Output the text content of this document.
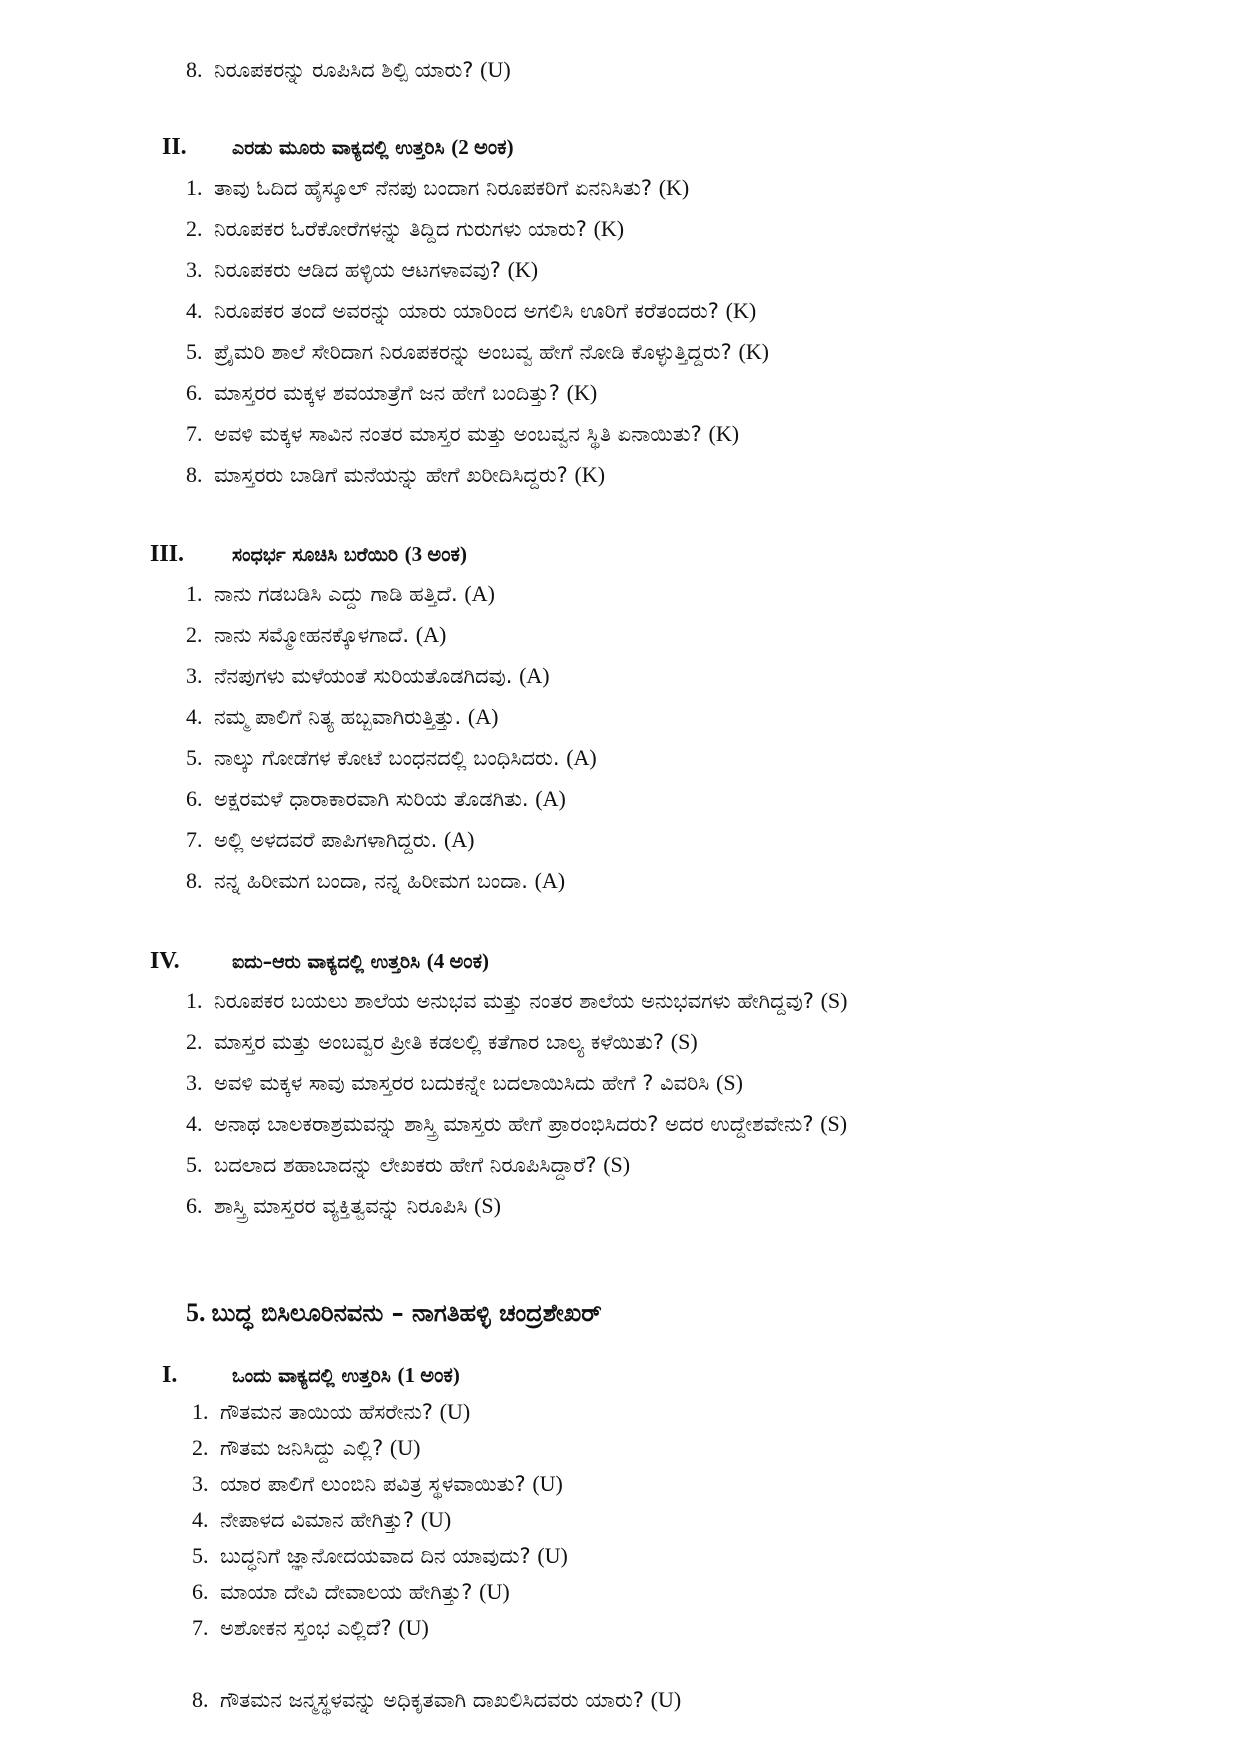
8. ನಿರೂಪಕರನ್ನು ರೂಪಿಸಿದ ಶಿಲ್ಪಿ ಯಾರು? (U)
II. ಎರಡು ಮೂರು ವಾಕ್ಯದಲ್ಲಿ ಉತ್ತರಿಸಿ (2 ಅಂಕ)
1. ತಾವು ಓದಿದ ಹೈಸ್ಕೂಲ್ ನೆನಪು ಬಂದಾಗ ನಿರೂಪಕರಿಗೆ ಏನನಿಸಿತು? (K)
2. ನಿರೂಪಕರ ಓರೆಕೋರೆಗಳನ್ನು ತಿದ್ದಿದ ಗುರುಗಳು ಯಾರು? (K)
3. ನಿರೂಪಕರು ಆಡಿದ ಹಳ್ಳಿಯ ಆಟಗಳಾವವು? (K)
4. ನಿರೂಪಕರ ತಂದೆ ಅವರನ್ನು ಯಾರು ಯಾರಿಂದ ಅಗಲಿಸಿ ಊರಿಗೆ ಕರೆತಂದರು? (K)
5. ಪ್ರೈಮರಿ ಶಾಲೆ ಸೇರಿದಾಗ ನಿರೂಪಕರನ್ನು ಅಂಬವ್ವ ಹೇಗೆ ನೋಡಿ ಕೊಳ್ಳುತ್ತಿದ್ದರು? (K)
6. ಮಾಸ್ತರರ ಮಕ್ಕಳ ಶವಯಾತ್ರೆಗೆ ಜನ ಹೇಗೆ ಬಂದಿತ್ತು? (K)
7. ಅವಳಿ ಮಕ್ಕಳ ಸಾವಿನ ನಂತರ ಮಾಸ್ತರ ಮತ್ತು ಅಂಬವ್ವನ ಸ್ಥಿತಿ ಏನಾಯಿತು? (K)
8. ಮಾಸ್ತರರು ಬಾಡಿಗೆ ಮನೆಯನ್ನು ಹೇಗೆ ಖರೀದಿಸಿದ್ದರು? (K)
III.	ಸಂಧರ್ಭ ಸೂಚಿಸಿ ಬರೆಯಿರಿ (3 ಅಂಕ)
1. ನಾನು ಗಡಬಡಿಸಿ ಎದ್ದು ಗಾಡಿ ಹತ್ತಿದೆ. (A)
2. ನಾನು ಸಮ್ಮೋಹನಕ್ಕೊಳಗಾದೆ. (A)
3. ನೆನಪುಗಳು ಮಳೆಯಂತೆ ಸುರಿಯತೊಡಗಿದವು. (A)
4. ನಮ್ಮ ಪಾಲಿಗೆ ನಿತ್ಯ ಹಬ್ಬವಾಗಿರುತ್ತಿತ್ತು. (A)
5. ನಾಲ್ಕು ಗೋಡೆಗಳ ಕೋಟೆ ಬಂಧನದಲ್ಲಿ ಬಂಧಿಸಿದರು. (A)
6. ಅಕ್ಷರಮಳೆ ಧಾರಾಕಾರವಾಗಿ ಸುರಿಯ ತೊಡಗಿತು. (A)
7. ಅಲ್ಲಿ ಅಳದವರೆ ಪಾಪಿಗಳಾಗಿದ್ದರು. (A)
8. ನನ್ನ ಹಿರೀಮಗ ಬಂದಾ, ನನ್ನ ಹಿರೀಮಗ ಬಂದಾ. (A)
IV.	ಐದು–ಆರು ವಾಕ್ಯದಲ್ಲಿ ಉತ್ತರಿಸಿ (4 ಅಂಕ)
1. ನಿರೂಪಕರ ಬಯಲು ಶಾಲೆಯ ಅನುಭವ ಮತ್ತು ನಂತರ ಶಾಲೆಯ ಅನುಭವಗಳು ಹೇಗಿದ್ದವು? (S)
2. ಮಾಸ್ತರ ಮತ್ತು ಅಂಬವ್ವರ ಪ್ರೀತಿ ಕಡಲಲ್ಲಿ ಕತೆಗಾರ ಬಾಲ್ಯ ಕಳೆಯಿತು? (S)
3. ಅವಳಿ ಮಕ್ಕಳ ಸಾವು ಮಾಸ್ತರರ ಬದುಕನ್ನೇ ಬದಲಾಯಿಸಿದು ಹೇಗೆ ? ವಿವರಿಸಿ (S)
4. ಅನಾಥ ಬಾಲಕರಾಶ್ರಮವನ್ನು ಶಾಸ್ತ್ರಿ ಮಾಸ್ತರು ಹೇಗೆ ಪ್ರಾರಂಭಿಸಿದರು? ಅದರ ಉದ್ದೇಶವೇನು? (S)
5. ಬದಲಾದ ಶಹಾಬಾದನ್ನು ಲೇಖಕರು ಹೇಗೆ ನಿರೂಪಿಸಿದ್ದಾರೆ? (S)
6. ಶಾಸ್ತ್ರಿ ಮಾಸ್ತರರ ವ್ಯಕ್ತಿತ್ವವನ್ನು ನಿರೂಪಿಸಿ (S)
5. ಬುದ್ಧ ಬಿಸಿಲೂರಿನವನು – ನಾಗತಿಹಳ್ಳಿ ಚಂದ್ರಶೇಖರ್
I.	ಒಂದು ವಾಕ್ಯದಲ್ಲಿ ಉತ್ತರಿಸಿ (1 ಅಂಕ)
1. ಗೌತಮನ ತಾಯಿಯ ಹೆಸರೇನು? (U)
2. ಗೌತಮ ಜನಿಸಿದ್ದು ಎಲ್ಲಿ? (U)
3. ಯಾರ ಪಾಲಿಗೆ ಲುಂಬಿನಿ ಪವಿತ್ರ ಸ್ಥಳವಾಯಿತು? (U)
4. ನೇಪಾಳದ ವಿಮಾನ ಹೇಗಿತ್ತು? (U)
5. ಬುದ್ಧನಿಗೆ ಜ್ಞಾನೋದಯವಾದ ದಿನ ಯಾವುದು? (U)
6. ಮಾಯಾ ದೇವಿ ದೇವಾಲಯ ಹೇಗಿತ್ತು? (U)
7. ಅಶೋಕನ ಸ್ತಂಭ ಎಲ್ಲಿದೆ? (U)
8. ಗೌತಮನ ಜನ್ಮಸ್ಥಳವನ್ನು ಅಧಿಕೃತವಾಗಿ ದಾಖಲಿಸಿದವರು ಯಾರು? (U)
